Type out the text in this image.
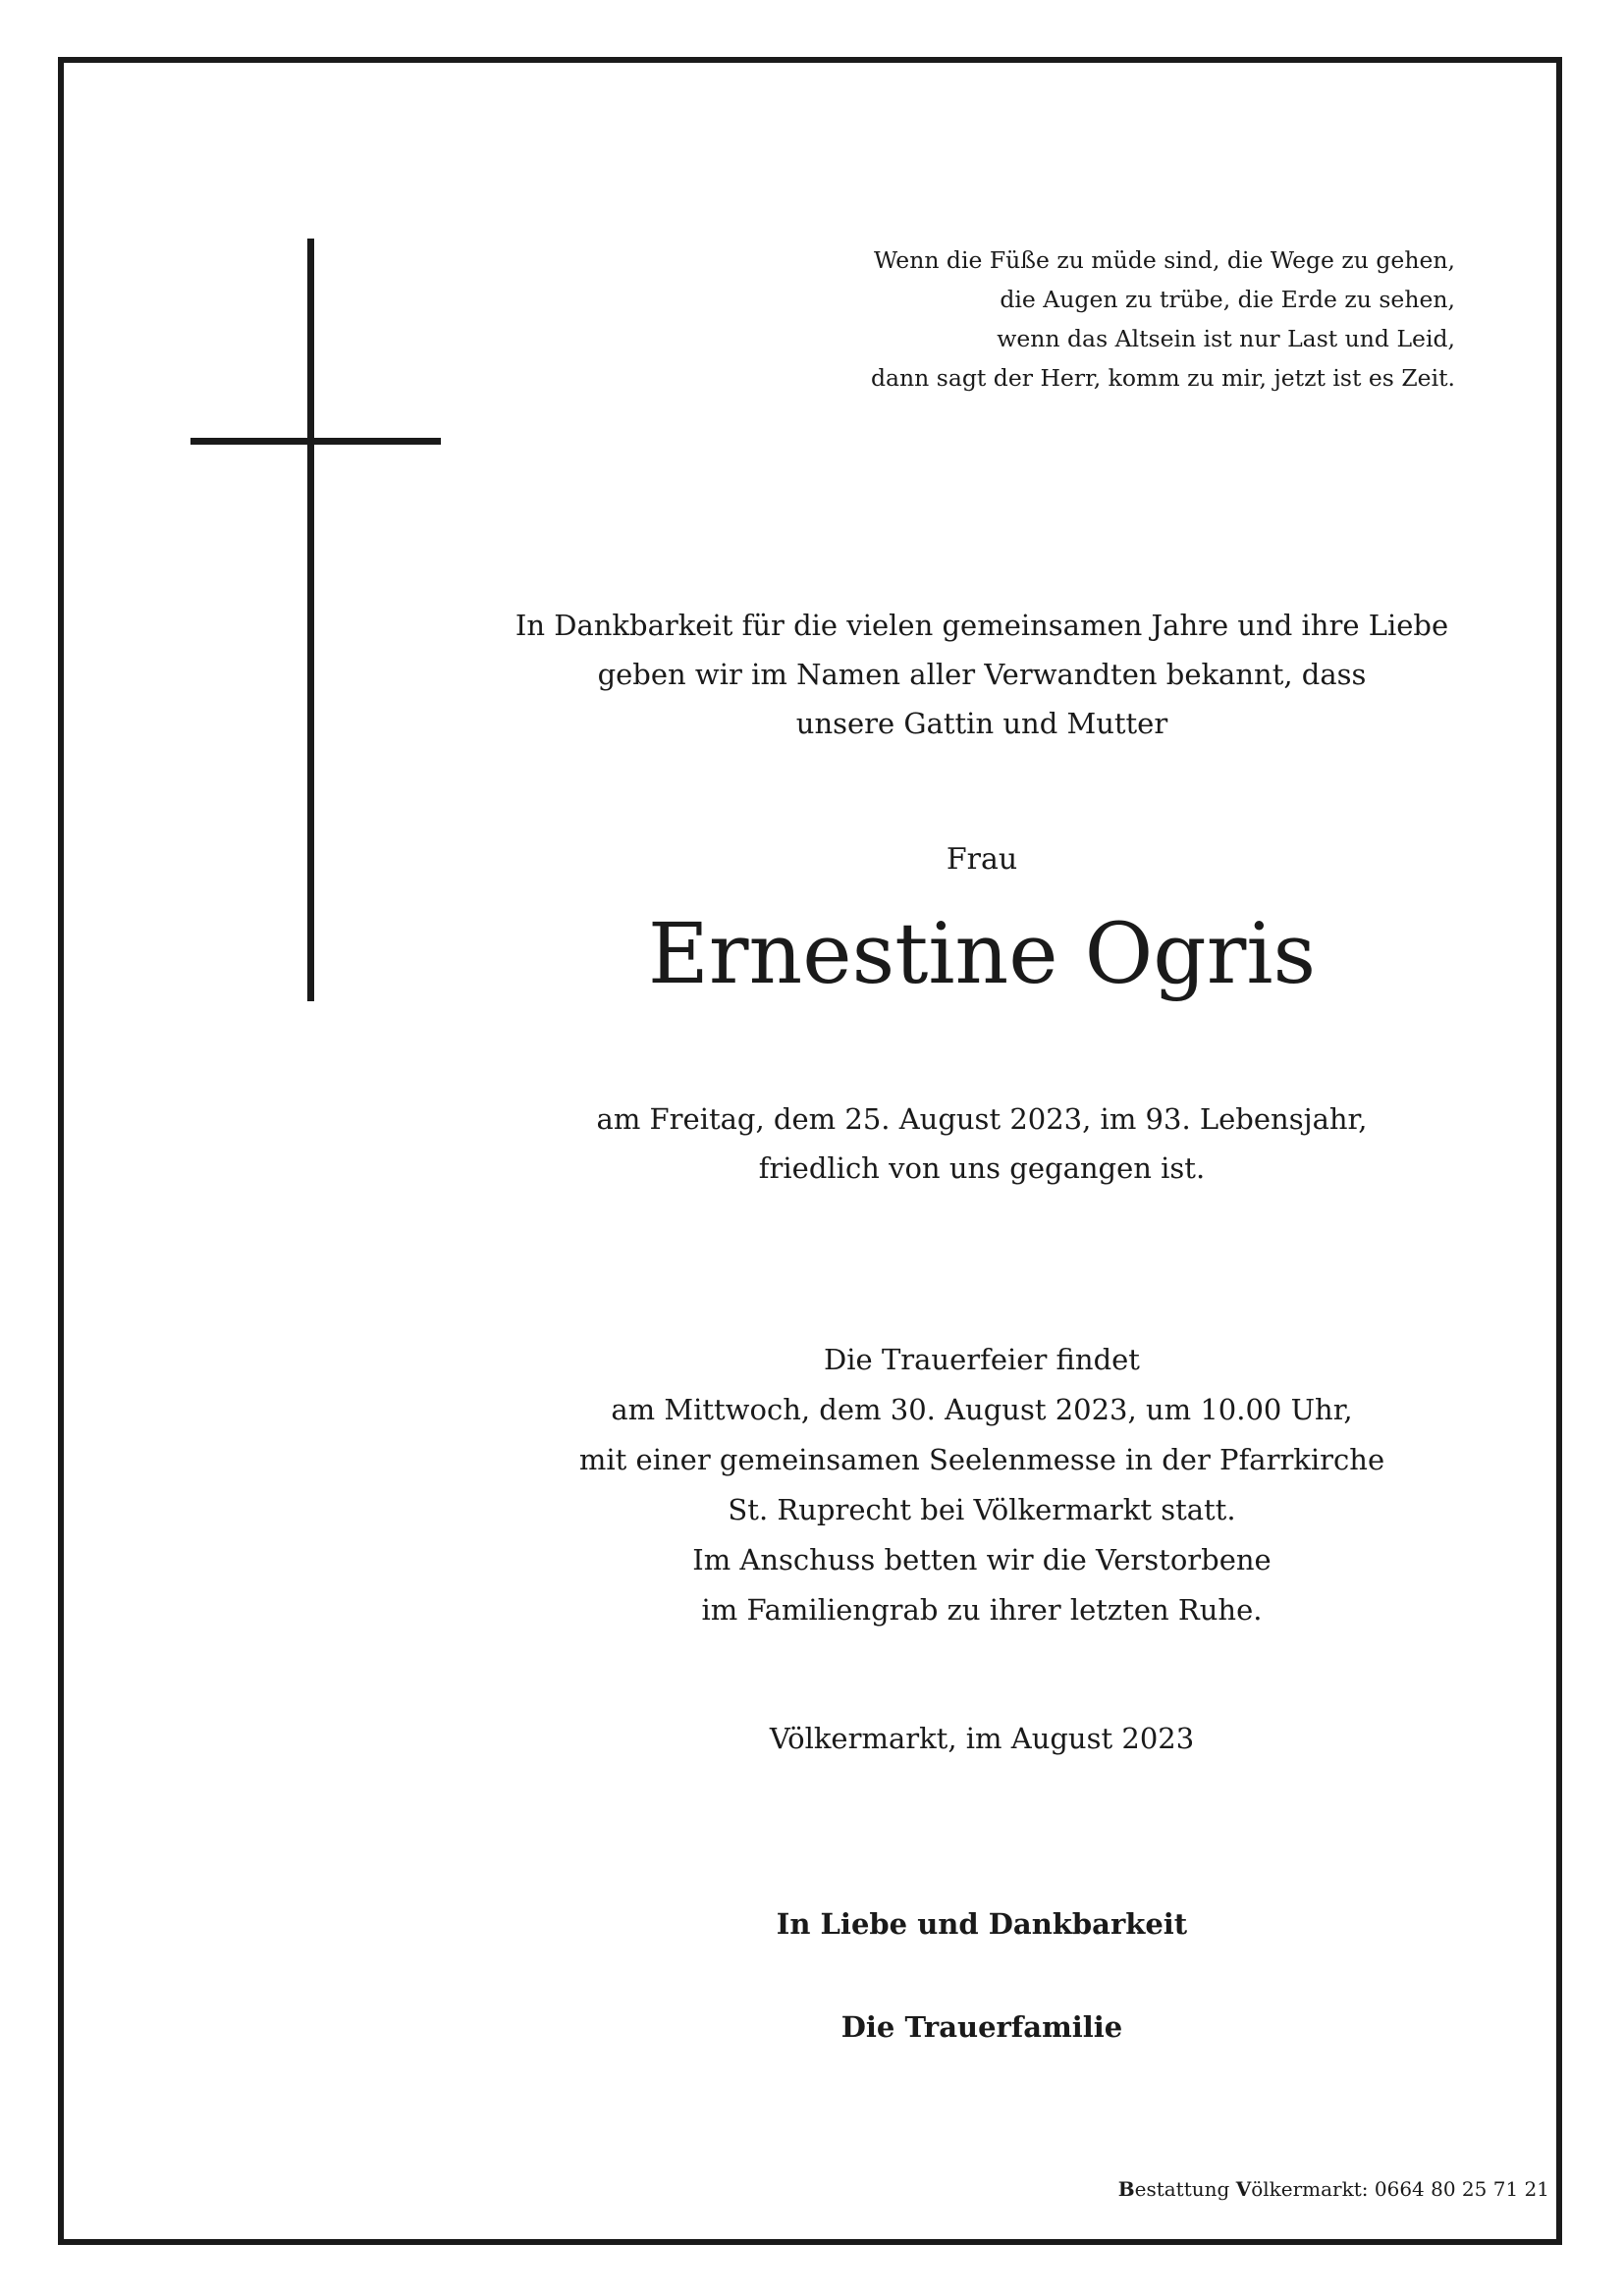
Wenn die Füße zu müde sind, die Wege zu gehen,
die Augen zu trübe, die Erde zu sehen,
wenn das Altsein ist nur Last und Leid,
dann sagt der Herr, komm zu mir, jetzt ist es Zeit.
In Dankbarkeit für die vielen gemeinsamen Jahre und ihre Liebe
geben wir im Namen aller Verwandten bekannt, dass
unsere Gattin und Mutter
Frau
Ernestine Ogris
am Freitag, dem 25. August 2023, im 93. Lebensjahr,
friedlich von uns gegangen ist.
Die Trauerfeier findet
am Mittwoch, dem 30. August 2023, um 10.00 Uhr,
mit einer gemeinsamen Seelenmesse in der Pfarrkirche
St. Ruprecht bei Völkermarkt statt.
Im Anschuss betten wir die Verstorbene
im Familiengrab zu ihrer letzten Ruhe.
Völkermarkt, im August 2023
In Liebe und Dankbarkeit
Die Trauerfamilie
Bestattung Völkermarkt: 0664 80 25 71 21
